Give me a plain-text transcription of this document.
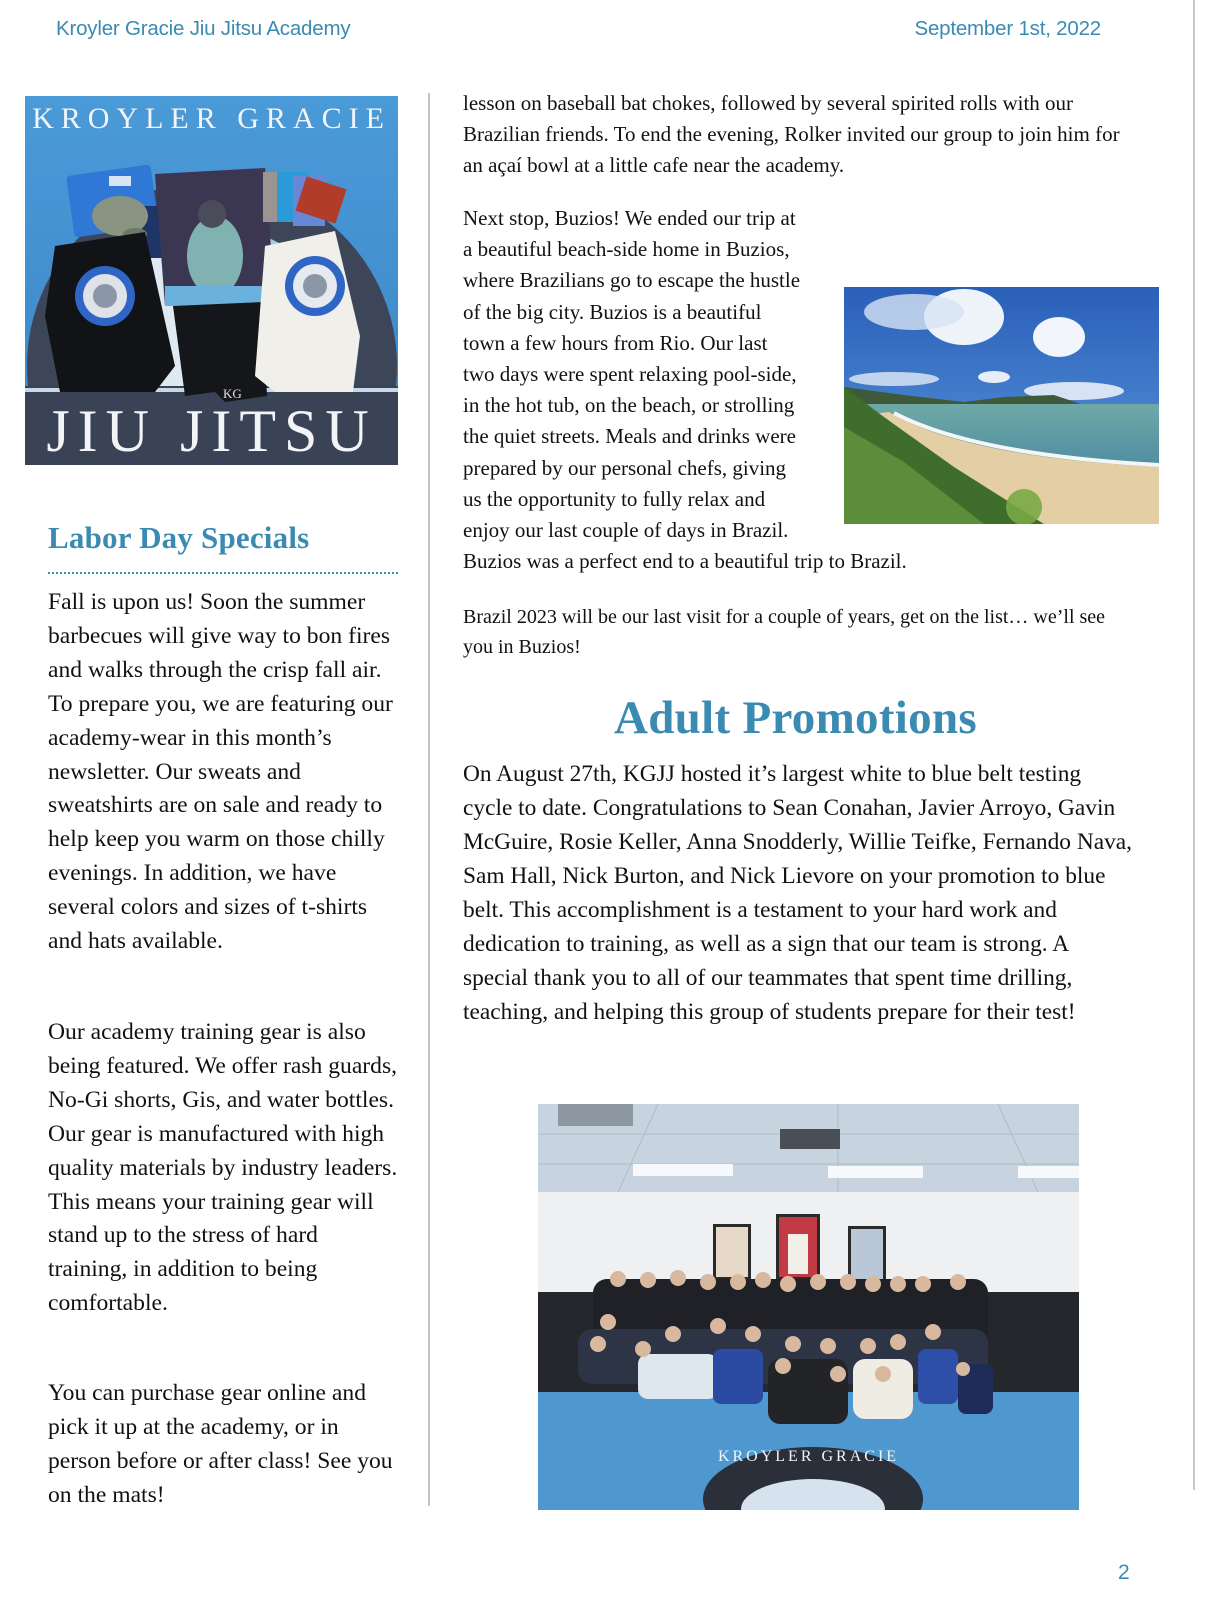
Kroyler Gracie Jiu Jitsu Academy	September 1st, 2022
KROYLER GRACIE
KG
JIU JITSU
Labor Day Specials

Fall is upon us! Soon the summer barbecues will give way to bon fires and walks through the crisp fall air. To prepare you, we are featuring our academy-wear in this month’s newsletter. Our sweats and sweatshirts are on sale and ready to help keep you warm on those chilly evenings. In addition, we have several colors and sizes of t-shirts and hats available.

Our academy training gear is also being featured. We offer rash guards, No-Gi shorts, Gis, and water bottles. Our gear is manufactured with high quality materials by industry leaders. This means your training gear will stand up to the stress of hard training, in addition to being comfortable.

You can purchase gear online and pick it up at the academy, or in person before or after class! See you on the mats!

lesson on baseball bat chokes, followed by several spirited rolls with our Brazilian friends. To end the evening, Rolker invited our group to join him for an açaí bowl at a little cafe near the academy.

Next stop, Buzios! We ended our trip at a beautiful beach-side home in Buzios, where Brazilians go to escape the hustle of the big city. Buzios is a beautiful town a few hours from Rio. Our last two days were spent relaxing pool-side, in the hot tub, on the beach, or strolling the quiet streets. Meals and drinks were prepared by our personal chefs, giving us the opportunity to fully relax and enjoy our last couple of days in Brazil. Buzios was a perfect end to a beautiful trip to Brazil.

Brazil 2023 will be our last visit for a couple of years, get on the list… we’ll see you in Buzios!

Adult Promotions

On August 27th, KGJJ hosted it’s largest white to blue belt testing cycle to date. Congratulations to Sean Conahan, Javier Arroyo, Gavin McGuire, Rosie Keller, Anna Snodderly, Willie Teifke, Fernando Nava, Sam Hall, Nick Burton, and Nick Lievore on your promotion to blue belt. This accomplishment is a testament to your hard work and dedication to training, as well as a sign that our team is strong. A special thank you to all of our teammates that spent time drilling, teaching, and helping this group of students prepare for their test!

KROYLER GRACIE
2
